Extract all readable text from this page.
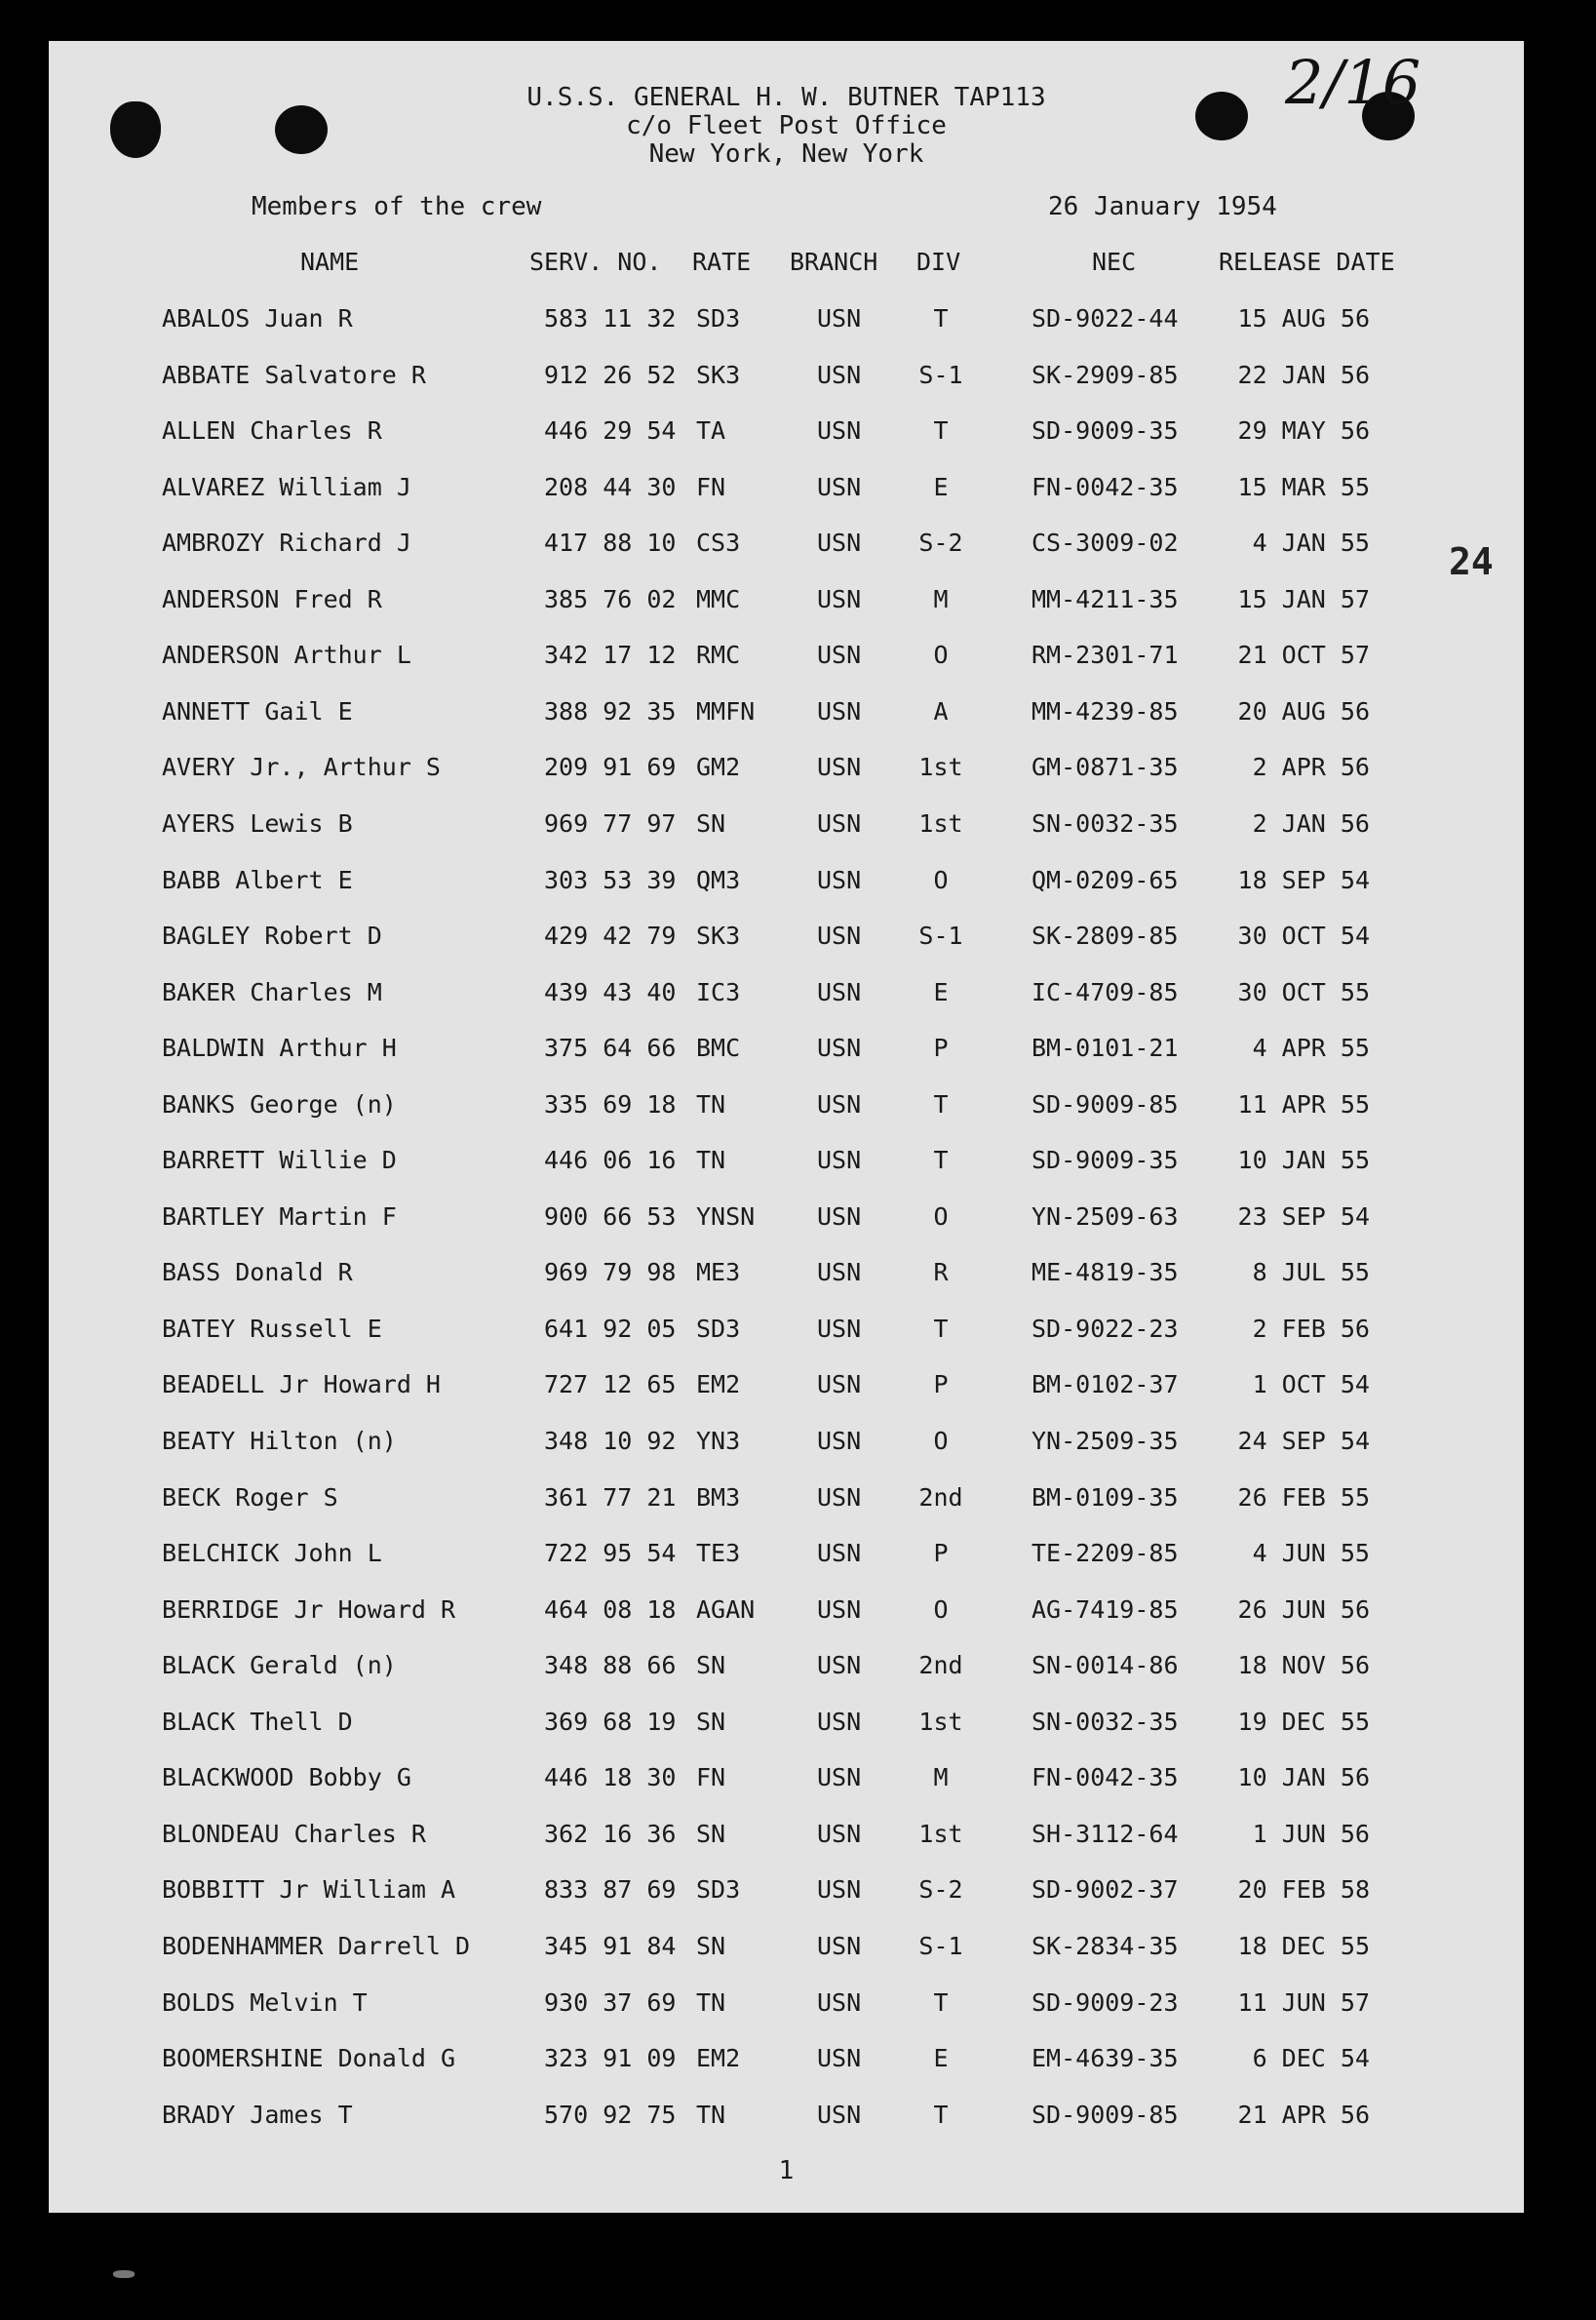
2/16
24
U.S.S. GENERAL H. W. BUTNER TAP113
c/o Fleet Post Office
New York, New York
Members of the crew	26 January 1954
NAME	SERV. NO. RATE BRANCH DIV	NEC	RELEASE DATE
ABALOS Juan R	583 11 32 SD3	USN	T	SD-9022-44	15 AUG 56
ABBATE Salvatore R	912 26 52 SK3	USN	S-1	SK-2909-85	22 JAN 56
ALLEN Charles R	446 29 54 TA	USN	T	SD-9009-35	29 MAY 56
ALVAREZ William J	208 44 30 FN	USN	E	FN-0042-35	15 MAR 55
AMBROZY Richard J	417 88 10 CS3	USN	S-2	CS-3009-02	4 JAN 55
ANDERSON Fred R	385 76 02 MMC	USN	M	MM-4211-35	15 JAN 57
ANDERSON Arthur L	342 17 12 RMC	USN	O	RM-2301-71	21 OCT 57
ANNETT Gail E	388 92 35 MMFN	USN	A	MM-4239-85	20 AUG 56
AVERY Jr., Arthur S	209 91 69 GM2	USN	1st	GM-0871-35	2 APR 56
AYERS Lewis B	969 77 97 SN	USN	1st	SN-0032-35	2 JAN 56
BABB Albert E	303 53 39 QM3	USN	O	QM-0209-65	18 SEP 54
BAGLEY Robert D	429 42 79 SK3	USN	S-1	SK-2809-85	30 OCT 54
BAKER Charles M	439 43 40 IC3	USN	E	IC-4709-85	30 OCT 55
BALDWIN Arthur H	375 64 66 BMC	USN	P	BM-0101-21	4 APR 55
BANKS George (n)	335 69 18 TN	USN	T	SD-9009-85	11 APR 55
BARRETT Willie D	446 06 16 TN	USN	T	SD-9009-35	10 JAN 55
BARTLEY Martin F	900 66 53 YNSN	USN	O	YN-2509-63	23 SEP 54
BASS Donald R	969 79 98 ME3	USN	R	ME-4819-35	8 JUL 55
BATEY Russell E	641 92 05 SD3	USN	T	SD-9022-23	2 FEB 56
BEADELL Jr Howard H	727 12 65 EM2	USN	P	BM-0102-37	1 OCT 54
BEATY Hilton (n)	348 10 92 YN3	USN	O	YN-2509-35	24 SEP 54
BECK Roger S	361 77 21 BM3	USN	2nd	BM-0109-35	26 FEB 55
BELCHICK John L	722 95 54 TE3	USN	P	TE-2209-85	4 JUN 55
BERRIDGE Jr Howard R	464 08 18 AGAN	USN	O	AG-7419-85	26 JUN 56
BLACK Gerald (n)	348 88 66 SN	USN	2nd	SN-0014-86	18 NOV 56
BLACK Thell D	369 68 19 SN	USN	1st	SN-0032-35	19 DEC 55
BLACKWOOD Bobby G	446 18 30 FN	USN	M	FN-0042-35	10 JAN 56
BLONDEAU Charles R	362 16 36 SN	USN	1st	SH-3112-64	1 JUN 56
BOBBITT Jr William A	833 87 69 SD3	USN	S-2	SD-9002-37	20 FEB 58
BODENHAMMER Darrell D	345 91 84 SN	USN	S-1	SK-2834-35	18 DEC 55
BOLDS Melvin T	930 37 69 TN	USN	T	SD-9009-23	11 JUN 57
BOOMERSHINE Donald G	323 91 09 EM2	USN	E	EM-4639-35	6 DEC 54
BRADY James T	570 92 75 TN	USN	T	SD-9009-85	21 APR 56
1
